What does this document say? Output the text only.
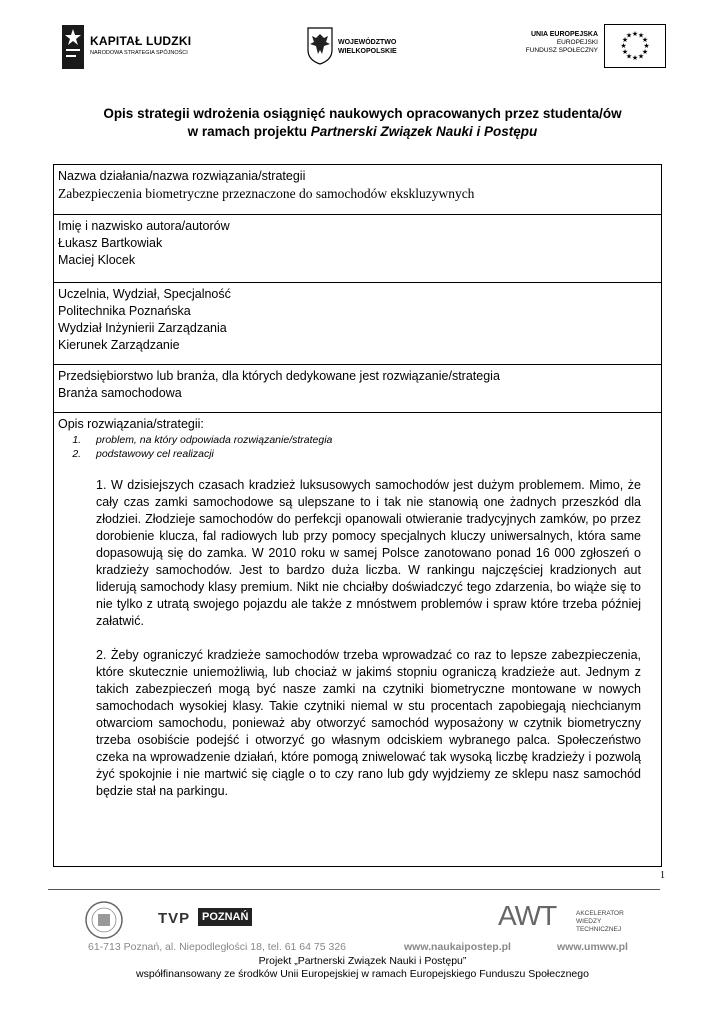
KAPITAŁ LUDZKI
NARODOWA STRATEGIA SPÓJNOŚCI
WOJEWÓDZTWO
WIELKOPOLSKIE
UNIA EUROPEJSKA
EUROPEJSKI
FUNDUSZ SPOŁECZNY
★ ★
★
★
★
★
★
★
★
★
★
★
Opis strategii wdrożenia osiągnięć naukowych opracowanych przez studenta/ów
w ramach projektu Partnerski Związek Nauki i Postępu
Nazwa działania/nazwa rozwiązania/strategii
Zabezpieczenia biometryczne przeznaczone do samochodów ekskluzywnych
Imię i nazwisko autora/autorów
Łukasz Bartkowiak
Maciej Klocek
Uczelnia, Wydział, Specjalność
Politechnika Poznańska
Wydział Inżynierii Zarządzania
Kierunek Zarządzanie
Przedsiębiorstwo lub branża, dla których dedykowane jest rozwiązanie/strategia
Branża samochodowa
Opis rozwiązania/strategii:
1. problem, na który odpowiada rozwiązanie/strategia
2. podstawowy cel realizacji

1. W dzisiejszych czasach kradzież luksusowych samochodów jest dużym problemem. Mimo, że cały czas zamki samochodowe są ulepszane to i tak nie stanowią one żadnych przeszkód dla złodziei. Złodzieje samochodów do perfekcji opanowali otwieranie tradycyjnych zamków, po przez dorobienie klucza, fal radiowych lub przy pomocy specjalnych kluczy uniwersalnych, która same dopasowują się do zamka. W 2010 roku w samej Polsce zanotowano ponad 16 000 zgłoszeń o kradzieży samochodów. Jest to bardzo duża liczba. W rankingu najczęściej kradzionych aut liderują samochody klasy premium. Nikt nie chciałby doświadczyć tego zdarzenia, bo wiąże się to nie tylko z utratą swojego pojazdu ale także z mnóstwem problemów i spraw które trzeba później załatwić.

2. Żeby ograniczyć kradzieże samochodów trzeba wprowadzać co raz to lepsze zabezpieczenia, które skutecznie uniemożliwią, lub chociaż w jakimś stopniu ograniczą kradzieże aut. Jednym z takich zabezpieczeń mogą być nasze zamki na czytniki biometryczne montowane w nowych samochodach wysokiej klasy. Takie czytniki niemal w stu procentach zapobiegają niechcianym otwarciom samochodu, ponieważ aby otworzyć samochód wyposażony w czytnik biometryczny trzeba osobiście podejść i otworzyć go własnym odciskiem wybranego palca. Społeczeństwo czeka na wprowadzenie działań, które pomogą zniwelować tak wysoką liczbę kradzieży i pozwolą żyć spokojnie i nie martwić się ciągle o to czy rano lub gdy wyjdziemy ze sklepu nasz samochód będzie stał na parkingu.

1
TVP	POZNAŃ	AWT	AKCELERATOR
WIEDZY
TECHNICZNEJ
61-713 Poznań, al. Niepodległości 18, tel. 61 64 75 326	www.naukaipostep.pl	www.umww.pl
Projekt „Partnerski Związek Nauki i Postępu”
współfinansowany ze środków Unii Europejskiej w ramach Europejskiego Funduszu Społecznego
